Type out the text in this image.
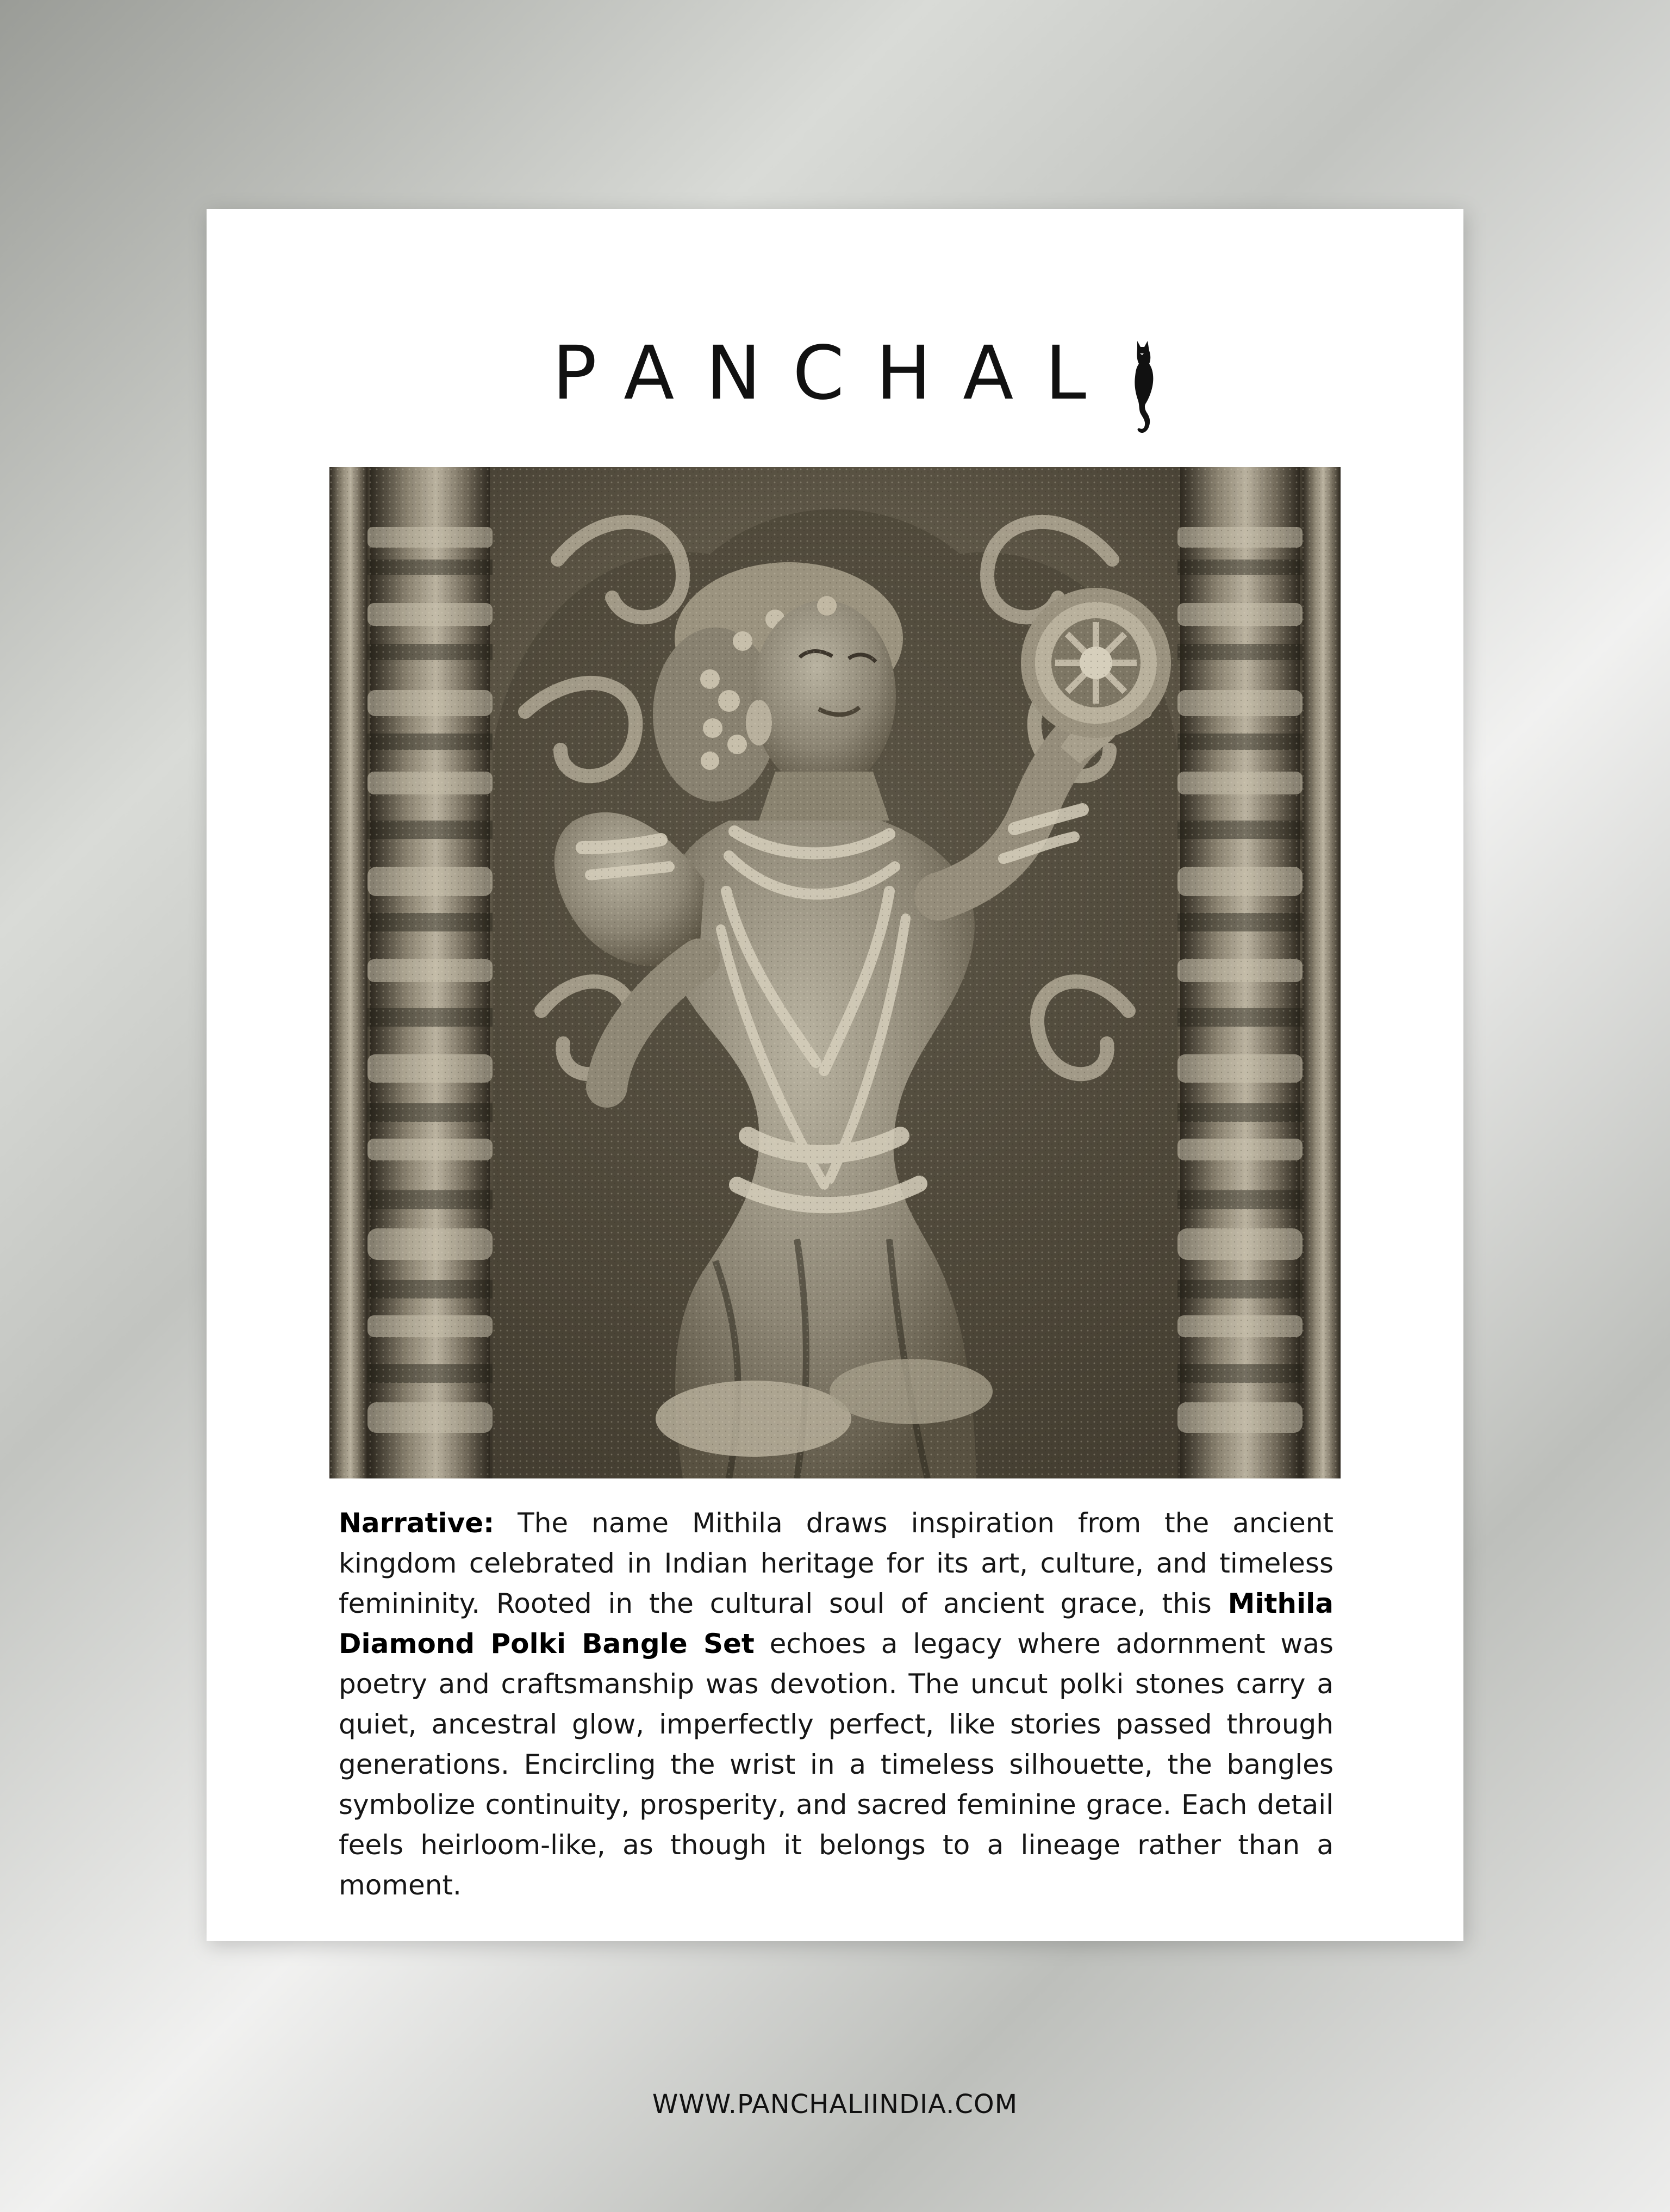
PANCHAL
Narrative: The name Mithila draws inspiration from the ancient kingdom celebrated in Indian heritage for its art, culture, and timeless femininity. Rooted in the cultural soul of ancient grace, this Mithila Diamond Polki Bangle Set echoes a legacy where adornment was poetry and craftsmanship was devotion. The uncut polki stones carry a quiet, ancestral glow, imperfectly perfect, like stories passed through generations. Encircling the wrist in a timeless silhouette, the bangles symbolize continuity, prosperity, and sacred feminine grace. Each detail feels heirloom-like, as though it belongs to a lineage rather than a moment.
WWW.PANCHALIINDIA.COM
